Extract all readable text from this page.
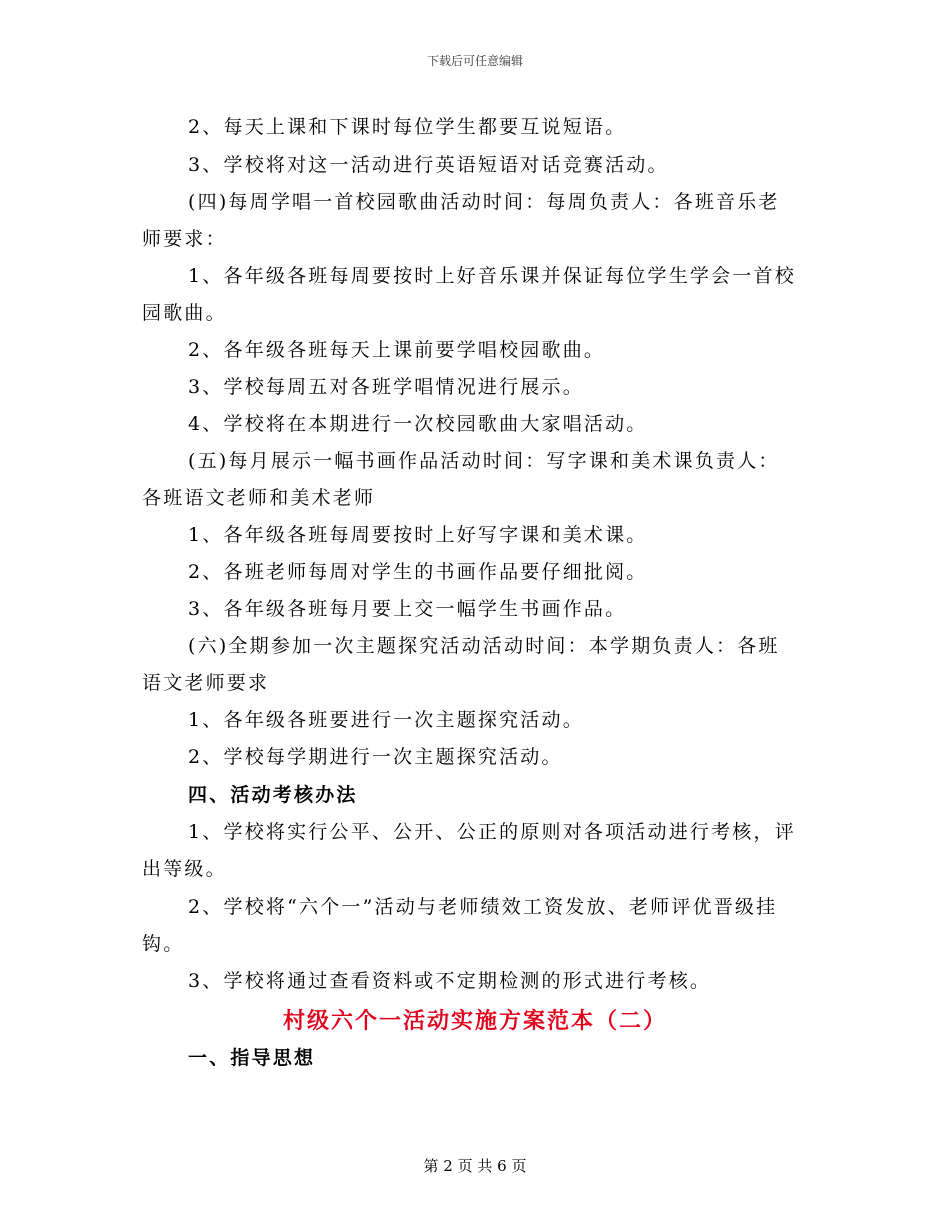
下载后可任意编辑
2、每天上课和下课时每位学生都要互说短语。
3、学校将对这一活动进行英语短语对话竞赛活动。
(四)每周学唱一首校园歌曲活动时间：每周负责人：各班音乐老
师要求：
1、各年级各班每周要按时上好音乐课并保证每位学生学会一首校
园歌曲。
2、各年级各班每天上课前要学唱校园歌曲。
3、学校每周五对各班学唱情况进行展示。
4、学校将在本期进行一次校园歌曲大家唱活动。
(五)每月展示一幅书画作品活动时间：写字课和美术课负责人：
各班语文老师和美术老师
1、各年级各班每周要按时上好写字课和美术课。
2、各班老师每周对学生的书画作品要仔细批阅。
3、各年级各班每月要上交一幅学生书画作品。
(六)全期参加一次主题探究活动活动时间：本学期负责人：各班
语文老师要求
1、各年级各班要进行一次主题探究活动。
2、学校每学期进行一次主题探究活动。
四、活动考核办法
1、学校将实行公平、公开、公正的原则对各项活动进行考核，评
出等级。
2、学校将“六个一”活动与老师绩效工资发放、老师评优晋级挂
钩。
3、学校将通过查看资料或不定期检测的形式进行考核。
村级六个一活动实施方案范本（二）
一、指导思想
第 2 页 共 6 页
